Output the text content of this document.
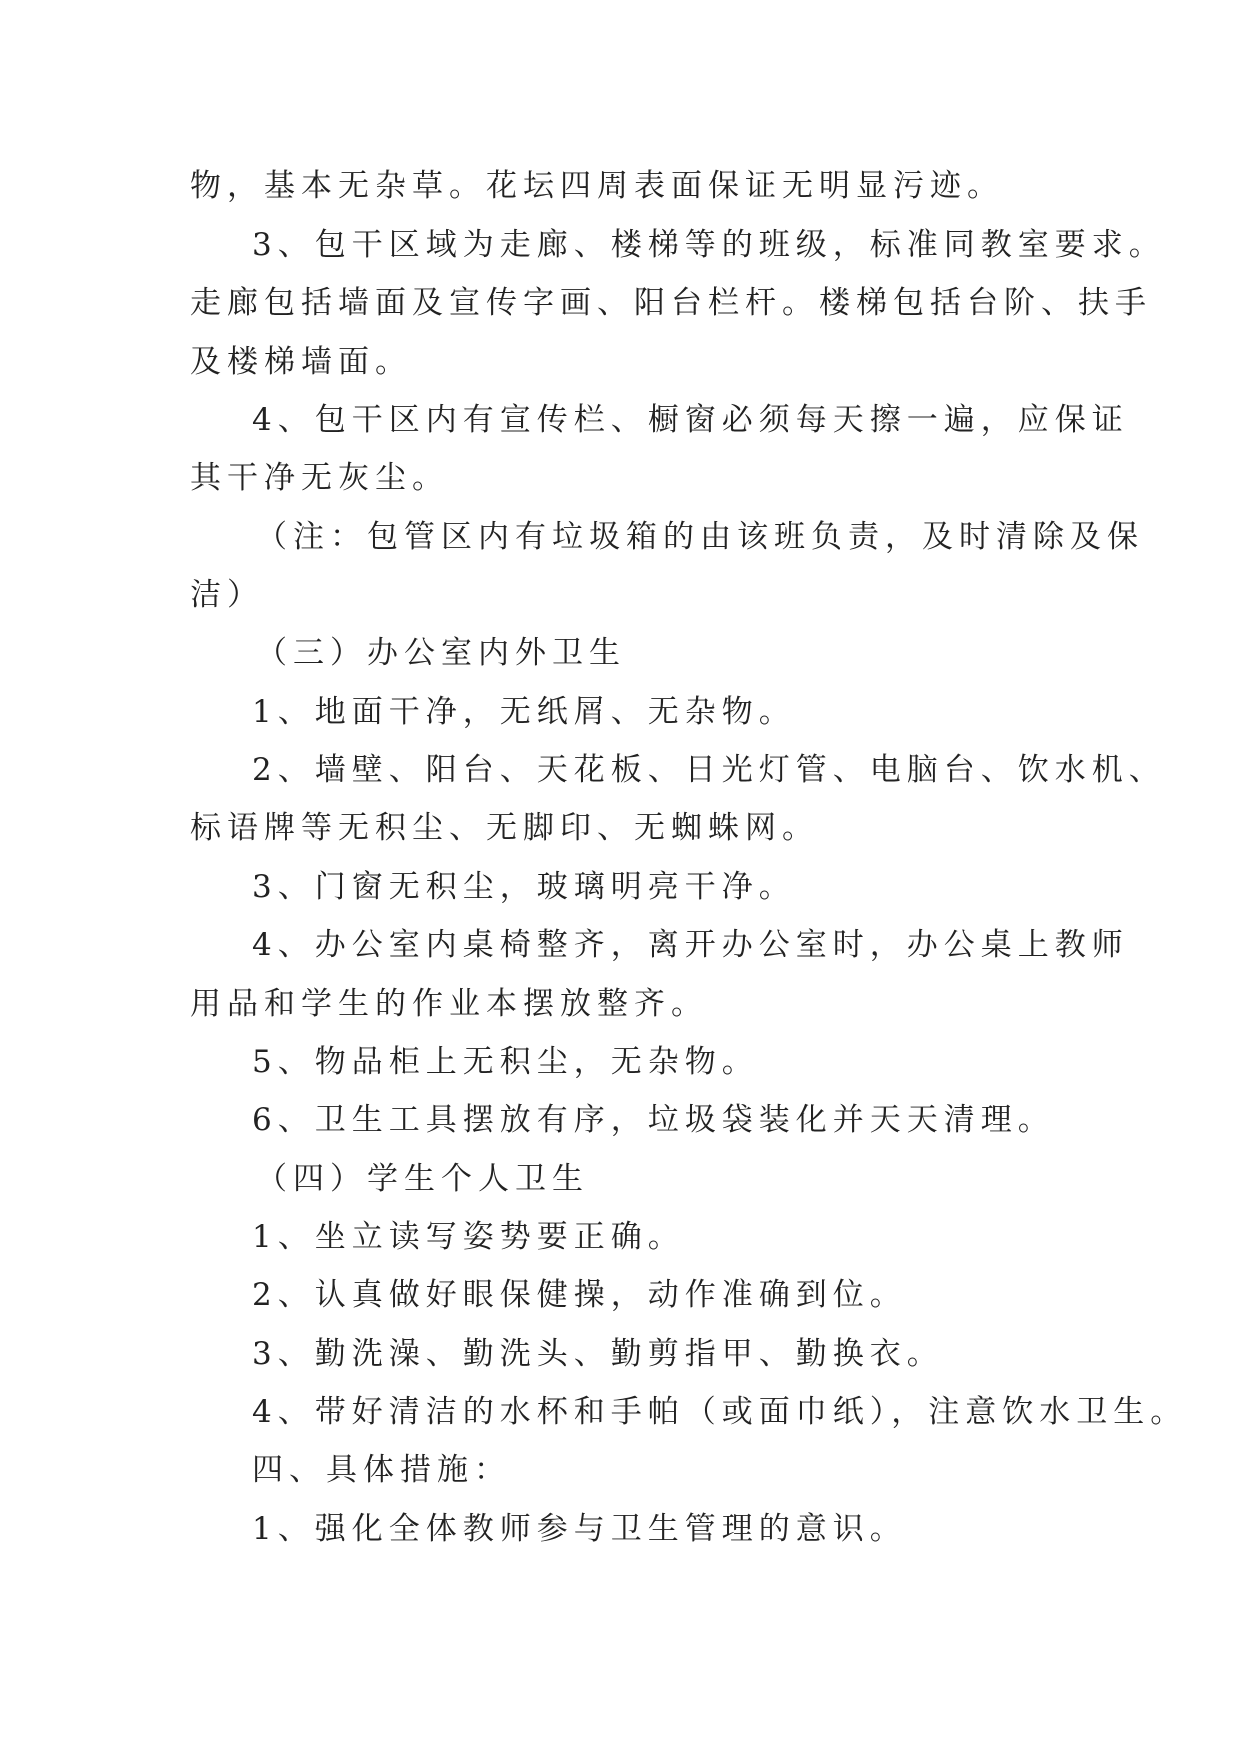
物，基本无杂草。花坛四周表面保证无明显污迹。

3、包干区域为走廊、楼梯等的班级，标准同教室要求。

走廊包括墙面及宣传字画、阳台栏杆。楼梯包括台阶、扶手

及楼梯墙面。

4、包干区内有宣传栏、橱窗必须每天擦一遍，应保证

其干净无灰尘。

（注：包管区内有垃圾箱的由该班负责，及时清除及保

洁）

（三）办公室内外卫生

1、地面干净，无纸屑、无杂物。

2、墙壁、阳台、天花板、日光灯管、电脑台、饮水机、

标语牌等无积尘、无脚印、无蜘蛛网。

3、门窗无积尘，玻璃明亮干净。

4、办公室内桌椅整齐，离开办公室时，办公桌上教师

用品和学生的作业本摆放整齐。

5、物品柜上无积尘，无杂物。

6、卫生工具摆放有序，垃圾袋装化并天天清理。

（四）学生个人卫生

1、坐立读写姿势要正确。

2、认真做好眼保健操，动作准确到位。

3、勤洗澡、勤洗头、勤剪指甲、勤换衣。

4、带好清洁的水杯和手帕（或面巾纸），注意饮水卫生。

四、具体措施：

1、强化全体教师参与卫生管理的意识。
